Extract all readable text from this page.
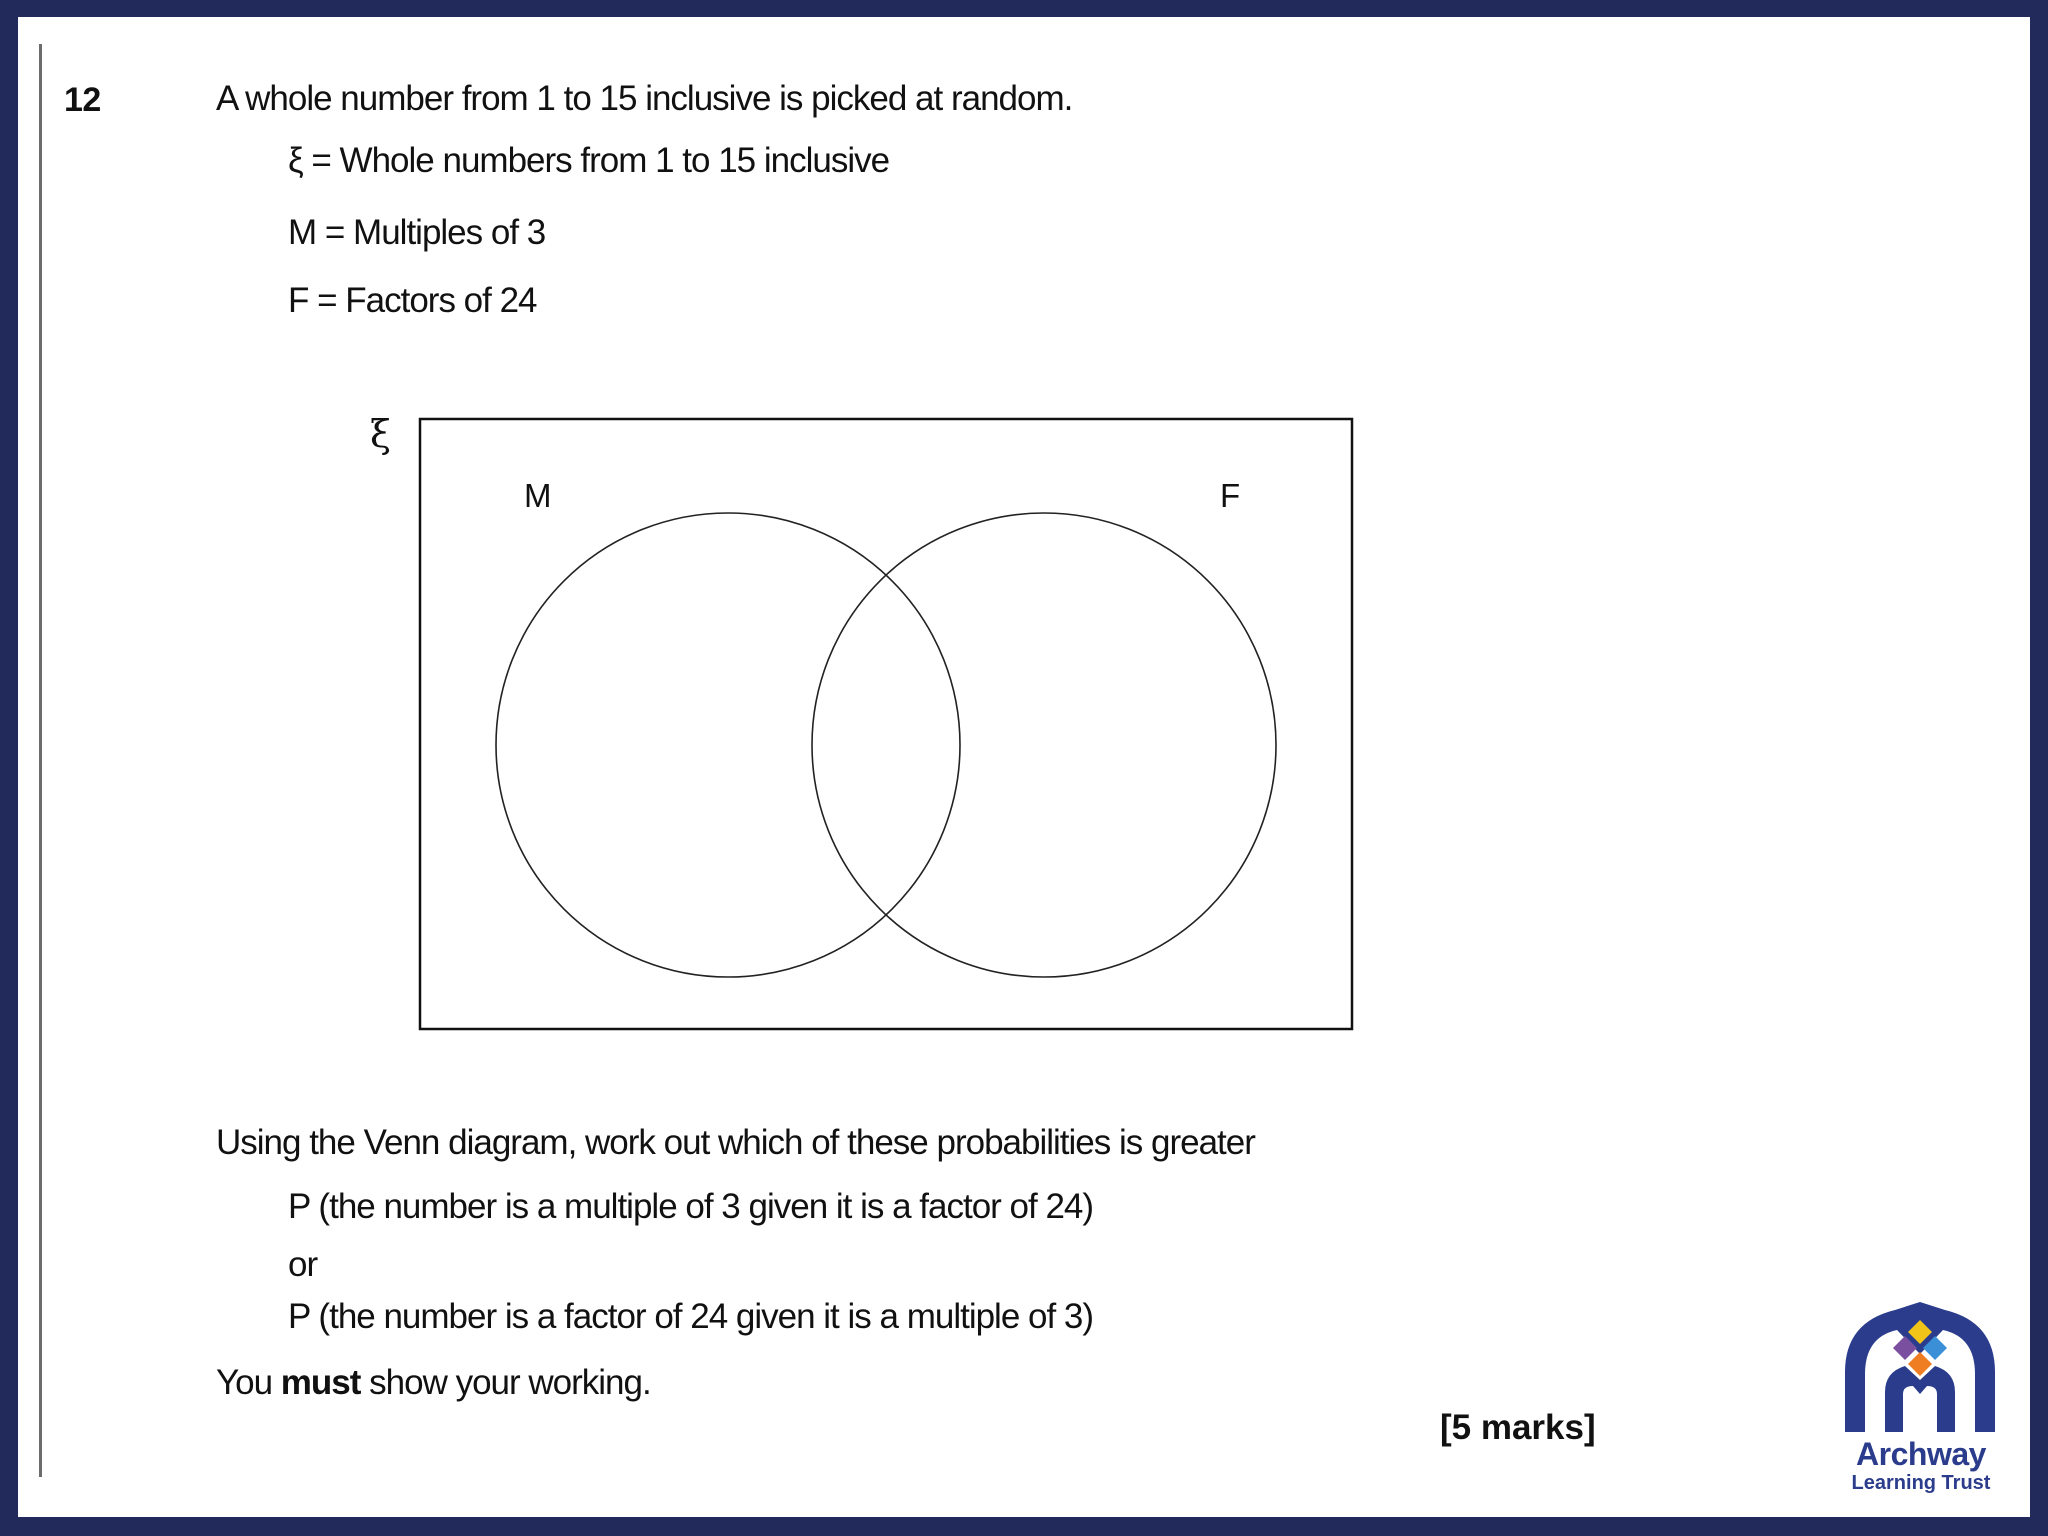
12	A whole number from 1 to 15 inclusive is picked at random.
ξ = Whole numbers from 1 to 15 inclusive
M = Multiples of 3
F = Factors of 24
ξ
M	F
Using the Venn diagram, work out which of these probabilities is greater
P (the number is a multiple of 3 given it is a factor of 24)
or
P (the number is a factor of 24 given it is a multiple of 3)
You must show your working.
[5 marks]
Archway
Learning Trust
